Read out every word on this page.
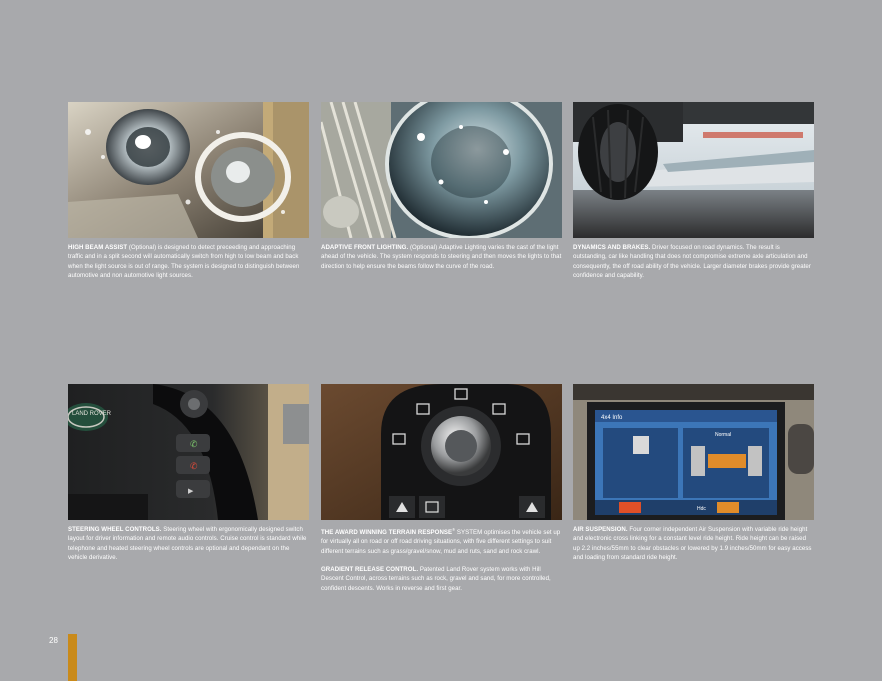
HIGH BEAM ASSIST (Optional) is designed to detect preceeding and approaching traffic and in a split second will automatically switch from high to low beam and back when the light source is out of range. The system is designed to distinguish between automotive and non automotive light sources.
ADAPTIVE FRONT LIGHTING. (Optional) Adaptive Lighting varies the cast of the light ahead of the vehicle. The system responds to steering and then moves the lights to that direction to help ensure the beams follow the curve of the road.
DYNAMICS AND BRAKES. Driver focused on road dynamics. The result is outstanding, car like handling that does not compromise extreme axle articulation and consequently, the off road ability of the vehicle. Larger diameter brakes provide greater confidence and capability.
LAND ROVER
✆
✆
▶
STEERING WHEEL CONTROLS. Steering wheel with ergonomically designed switch layout for driver information and remote audio controls. Cruise control is standard while telephone and heated steering wheel controls are optional and dependant on the vehicle derivative.

THE AWARD WINNING TERRAIN RESPONSE® SYSTEM optimises the vehicle set up for virtually all on road or off road driving situations, with five different settings to suit different terrains such as grass/gravel/snow, mud and ruts, sand and rock crawl.

GRADIENT RELEASE CONTROL. Patented Land Rover system works with Hill Descent Control, across terrains such as rock, gravel and sand, for more controlled, confident descents. Works in reverse and first gear.

4x4 Info
Normal
Hdc
AIR SUSPENSION. Four corner independent Air Suspension with variable ride height and electronic cross linking for a constant level ride height. Ride height can be raised up 2.2 inches/55mm to clear obstacles or lowered by 1.9 inches/50mm for easy access and loading from standard ride height.
28
